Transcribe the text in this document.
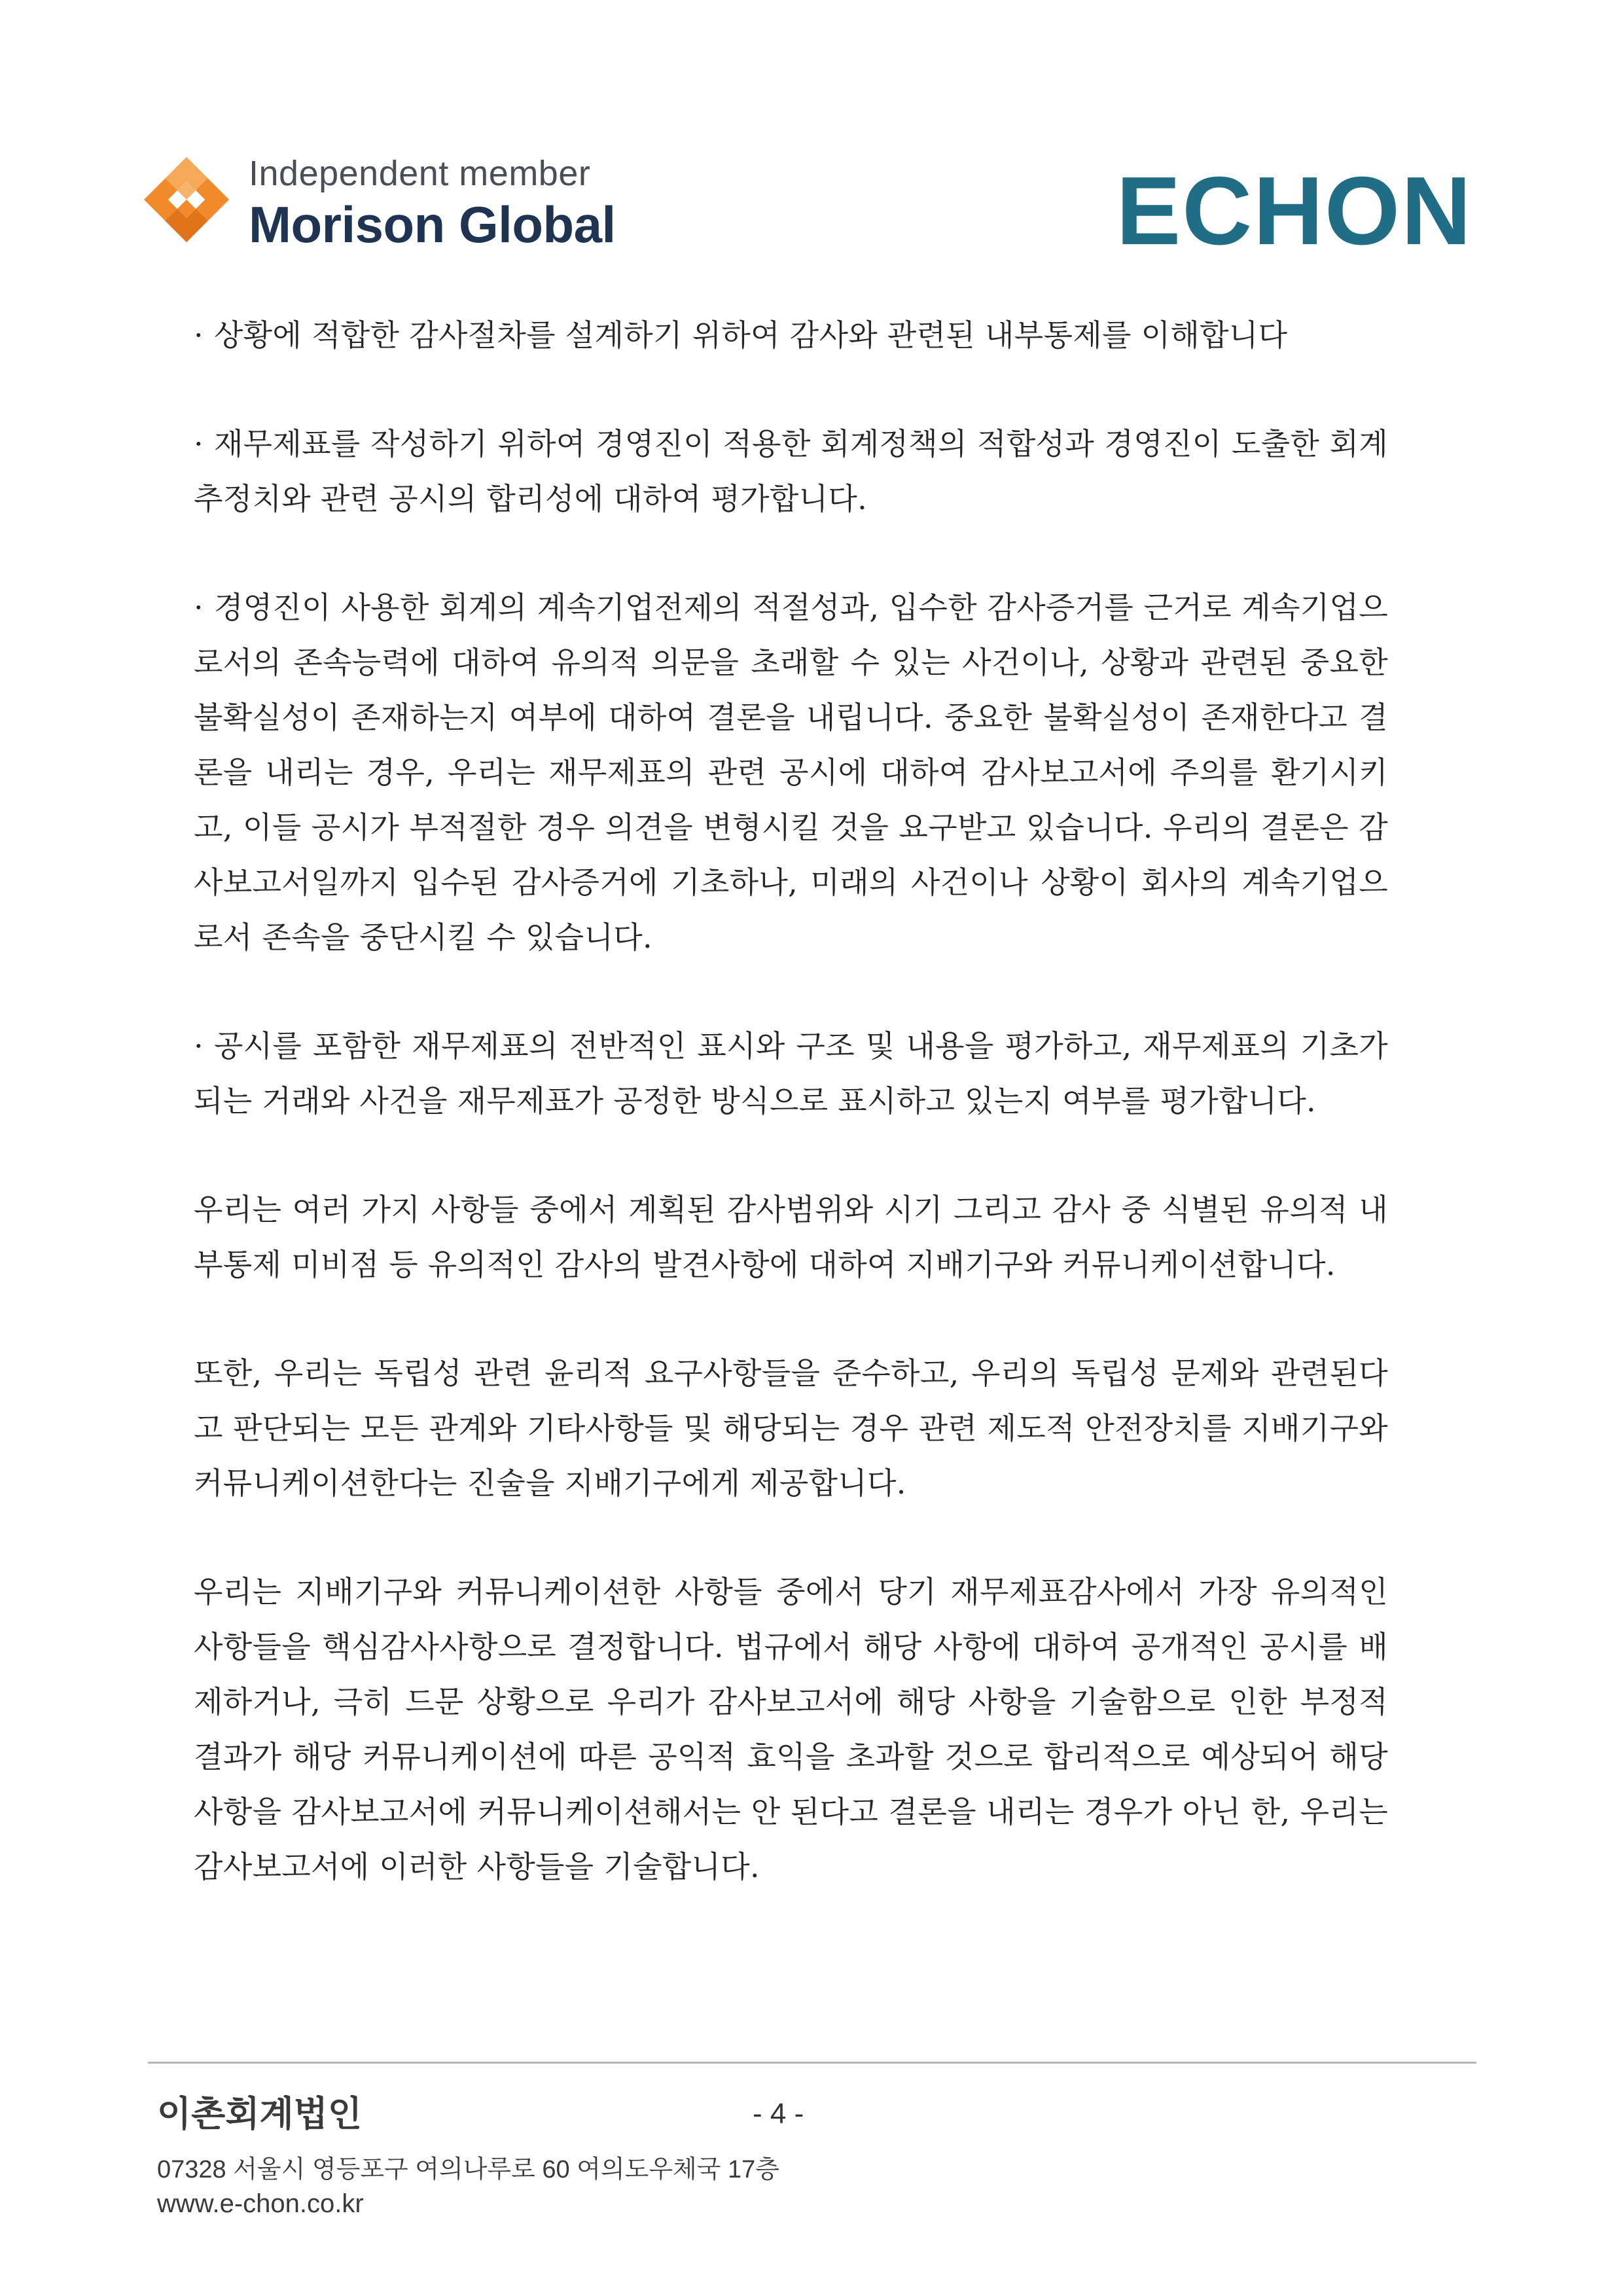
Independent member
Morison Global	ECHON

· 상황에 적합한 감사절차를 설계하기 위하여 감사와 관련된 내부통제를 이해합니다

· 재무제표를 작성하기 위하여 경영진이 적용한 회계정책의 적합성과 경영진이 도출한 회계추정치와 관련 공시의 합리성에 대하여 평가합니다.

· 경영진이 사용한 회계의 계속기업전제의 적절성과, 입수한 감사증거를 근거로 계속기업으로서의 존속능력에 대하여 유의적 의문을 초래할 수 있는 사건이나, 상황과 관련된 중요한 불확실성이 존재하는지 여부에 대하여 결론을 내립니다. 중요한 불확실성이 존재한다고 결론을 내리는 경우, 우리는 재무제표의 관련 공시에 대하여 감사보고서에 주의를 환기시키고, 이들 공시가 부적절한 경우 의견을 변형시킬 것을 요구받고 있습니다. 우리의 결론은 감사보고서일까지 입수된 감사증거에 기초하나, 미래의 사건이나 상황이 회사의 계속기업으로서 존속을 중단시킬 수 있습니다.

· 공시를 포함한 재무제표의 전반적인 표시와 구조 및 내용을 평가하고, 재무제표의 기초가 되는 거래와 사건을 재무제표가 공정한 방식으로 표시하고 있는지 여부를 평가합니다.

우리는 여러 가지 사항들 중에서 계획된 감사범위와 시기 그리고 감사 중 식별된 유의적 내부통제 미비점 등 유의적인 감사의 발견사항에 대하여 지배기구와 커뮤니케이션합니다.

또한, 우리는 독립성 관련 윤리적 요구사항들을 준수하고, 우리의 독립성 문제와 관련된다고 판단되는 모든 관계와 기타사항들 및 해당되는 경우 관련 제도적 안전장치를 지배기구와 커뮤니케이션한다는 진술을 지배기구에게 제공합니다.

우리는 지배기구와 커뮤니케이션한 사항들 중에서 당기 재무제표감사에서 가장 유의적인 사항들을 핵심감사사항으로 결정합니다. 법규에서 해당 사항에 대하여 공개적인 공시를 배제하거나, 극히 드문 상황으로 우리가 감사보고서에 해당 사항을 기술함으로 인한 부정적 결과가 해당 커뮤니케이션에 따른 공익적 효익을 초과할 것으로 합리적으로 예상되어 해당 사항을 감사보고서에 커뮤니케이션해서는 안 된다고 결론을 내리는 경우가 아닌 한, 우리는 감사보고서에 이러한 사항들을 기술합니다.

이촌회계법인	- 4 -
07328 서울시 영등포구 여의나루로 60 여의도우체국 17층
www.e-chon.co.kr
